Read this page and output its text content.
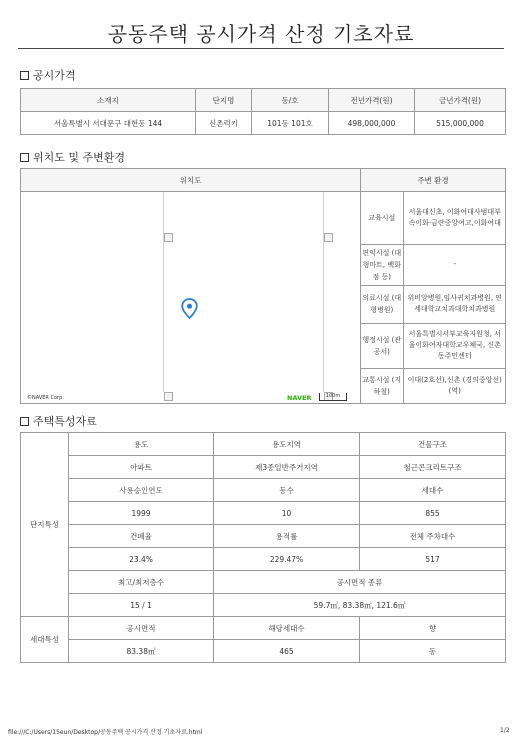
공동주택 공시가격 산정 기초자료
공시가격
소재지	단지명	동/호	전년가격(원)	금년가격(원)
서울특별시 서대문구 대현동 144	신촌럭키	101동 101호	498,000,000	515,000,000
위치도 및 주변환경
위치도	주변 환경

©NAVER Corp.	NAVER	100m

교육시설	서울대신초, 이화여대사범대부속이화·금란중앙여고,이화여대
편익시설 (대형마트, 백화점 등)	-
의료시설 (대형병원)	위비앙병원,임사귀치과병원, 연세대학교치과대학치과병원
행정시설 (관공서)	서울특별시서부교육지원청, 서울이화여자대학교우체국, 신촌동주민센터
교통시설 (지하철)	이대(2호선),신촌 (경의중앙선)(역)
주택특성자료
단지특성	용도	용도지역	건물구조
	아파트	제3종일반주거지역	철근콘크리트구조
	사용승인연도	동수	세대수
	1999	10	855
	건폐율	용적률	전체 주차대수
	23.4%	229.47%	517
	최고/최저층수	공시면적 종류	
	15 / 1	59.7㎡, 83.38㎡, 121.6㎡	
세대특성	공시면적	해당세대수	향
	83.38㎡	465	동
file:///C:/Users/15eun/Desktop/공동주택 공시가격 산정 기초자료.html	1/2
